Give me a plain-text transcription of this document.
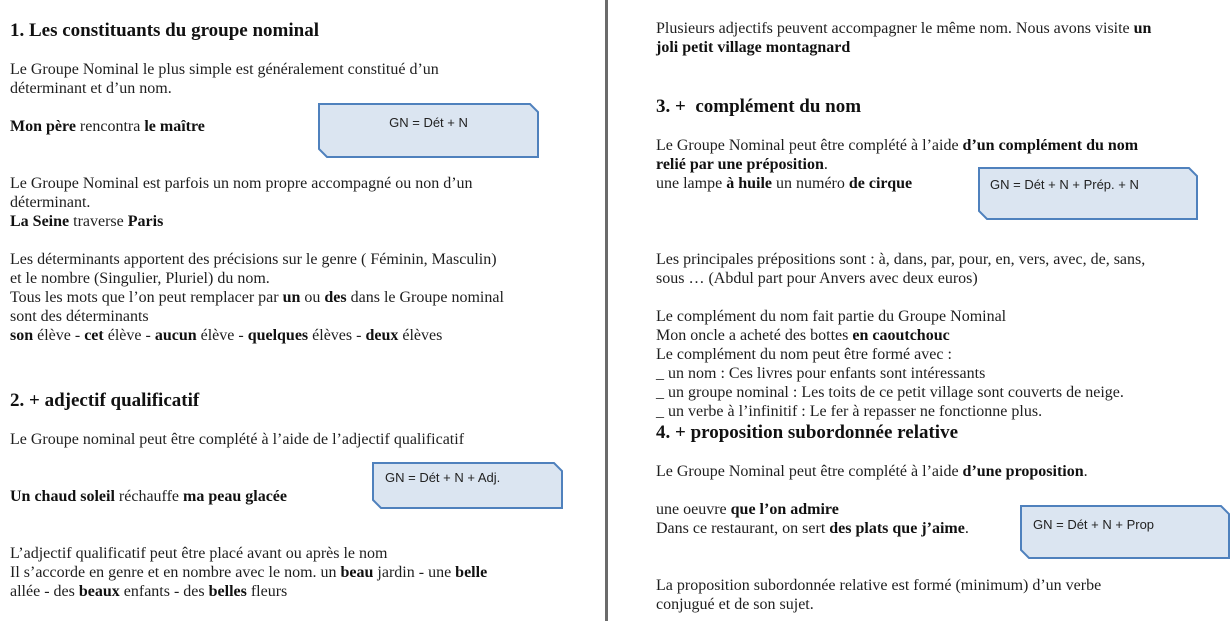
1. Les constituants du groupe nominal
Le Groupe Nominal le plus simple est généralement constitué d’un
déterminant et d’un nom.
Mon père rencontra le maître	GN = Dét + N
Le Groupe Nominal est parfois un nom propre accompagné ou non d’un
déterminant.
La Seine traverse Paris
Les déterminants apportent des précisions sur le genre ( Féminin, Masculin)
et le nombre (Singulier, Pluriel) du nom.
Tous les mots que l’on peut remplacer par un ou des dans le Groupe nominal
sont des déterminants
son élève - cet élève - aucun élève - quelques élèves - deux élèves
2. + adjectif qualificatif
Le Groupe nominal peut être complété à l’aide de l’adjectif qualificatif
GN = Dét + N + Adj.
Un chaud soleil réchauffe ma peau glacée
L’adjectif qualificatif peut être placé avant ou après le nom
Il s’accorde en genre et en nombre avec le nom. un beau jardin - une belle
allée - des beaux enfants - des belles fleurs
Plusieurs adjectifs peuvent accompagner le même nom. Nous avons visite un
joli petit village montagnard
3. +  complément du nom
Le Groupe Nominal peut être complété à l’aide d’un complément du nom
relié par une préposition.
une lampe à huile un numéro de cirque	GN = Dét + N + Prép. + N
Les principales prépositions sont : à, dans, par, pour, en, vers, avec, de, sans,
sous … (Abdul part pour Anvers avec deux euros)
Le complément du nom fait partie du Groupe Nominal
Mon oncle a acheté des bottes en caoutchouc
Le complément du nom peut être formé avec :
_ un nom : Ces livres pour enfants sont intéressants
_ un groupe nominal : Les toits de ce petit village sont couverts de neige.
_ un verbe à l’infinitif : Le fer à repasser ne fonctionne plus.
4. + proposition subordonnée relative
Le Groupe Nominal peut être complété à l’aide d’une proposition.
une oeuvre que l’on admire
Dans ce restaurant, on sert des plats que j’aime.	GN = Dét + N + Prop
La proposition subordonnée relative est formé (minimum) d’un verbe
conjugué et de son sujet.
